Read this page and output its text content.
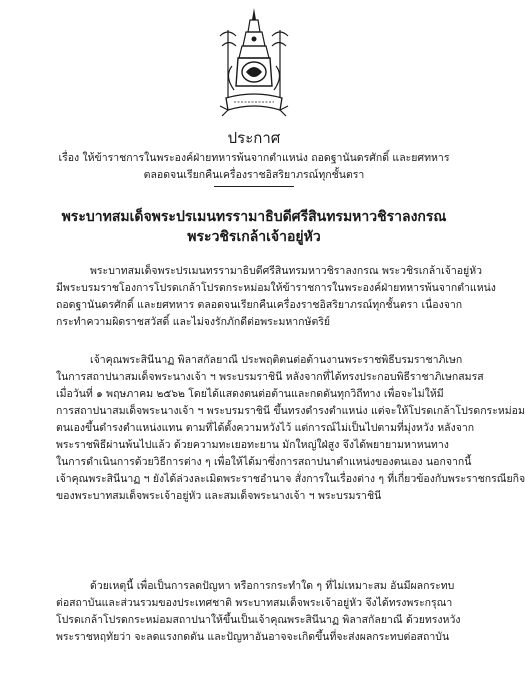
ประกาศ
เรื่อง ให้ข้าราชการในพระองค์ฝ่ายทหารพ้นจากตำแหน่ง ถอดฐานันดรศักดิ์ และยศทหาร
ตลอดจนเรียกคืนเครื่องราชอิสริยาภรณ์ทุกชั้นตรา
พระบาทสมเด็จพระปรเมนทรรามาธิบดีศรีสินทรมหาวชิราลงกรณ
พระวชิรเกล้าเจ้าอยู่หัว
พระบาทสมเด็จพระปรเมนทรรามาธิบดีศรีสินทรมหาวชิราลงกรณ พระวชิรเกล้าเจ้าอยู่หัว
มีพระบรมราชโองการโปรดเกล้าโปรดกระหม่อมให้ข้าราชการในพระองค์ฝ่ายทหารพ้นจากตำแหน่ง
ถอดฐานันดรศักดิ์ และยศทหาร ตลอดจนเรียกคืนเครื่องราชอิสริยาภรณ์ทุกชั้นตรา เนื่องจาก
กระทำความผิดราชสวัสดิ์ และไม่จงรักภักดีต่อพระมหากษัตริย์
เจ้าคุณพระสินีนาฏ พิลาสกัลยาณี ประพฤติตนต่อต้านงานพระราชพิธีบรมราชาภิเษก
ในการสถาปนาสมเด็จพระนางเจ้า ฯ พระบรมราชินี หลังจากที่ได้ทรงประกอบพิธีราชาภิเษกสมรส
เมื่อวันที่ ๑ พฤษภาคม ๒๕๖๒ โดยได้แสดงตนต่อต้านและกดดันทุกวิถีทาง เพื่อจะไม่ให้มี
การสถาปนาสมเด็จพระนางเจ้า ฯ พระบรมราชินี ขึ้นทรงดำรงตำแหน่ง แต่จะให้โปรดเกล้าโปรดกระหม่อม
ตนเองขึ้นดำรงตำแหน่งแทน ตามที่ได้ตั้งความหวังไว้ แต่การณ์ไม่เป็นไปตามที่มุ่งหวัง หลังจาก
พระราชพิธีผ่านพ้นไปแล้ว ด้วยความทะเยอทะยาน มักใหญ่ใฝ่สูง จึงได้พยายามหาหนทาง
ในการดำเนินการด้วยวิธีการต่าง ๆ เพื่อให้ได้มาซึ่งการสถาปนาตำแหน่งของตนเอง นอกจากนี้
เจ้าคุณพระสินีนาฏ ฯ ยังได้ล่วงละเมิดพระราชอำนาจ สั่งการในเรื่องต่าง ๆ ที่เกี่ยวข้องกับพระราชกรณียกิจ
ของพระบาทสมเด็จพระเจ้าอยู่หัว และสมเด็จพระนางเจ้า ฯ พระบรมราชินี
ด้วยเหตุนี้ เพื่อเป็นการลดปัญหา หรือการกระทำใด ๆ ที่ไม่เหมาะสม อันมีผลกระทบ
ต่อสถาบันและส่วนรวมของประเทศชาติ พระบาทสมเด็จพระเจ้าอยู่หัว จึงได้ทรงพระกรุณา
โปรดเกล้าโปรดกระหม่อมสถาปนาให้ขึ้นเป็นเจ้าคุณพระสินีนาฏ พิลาสกัลยาณี ด้วยทรงหวัง
พระราชหฤทัยว่า จะลดแรงกดดัน และปัญหาอันอาจจะเกิดขึ้นที่จะส่งผลกระทบต่อสถาบัน
